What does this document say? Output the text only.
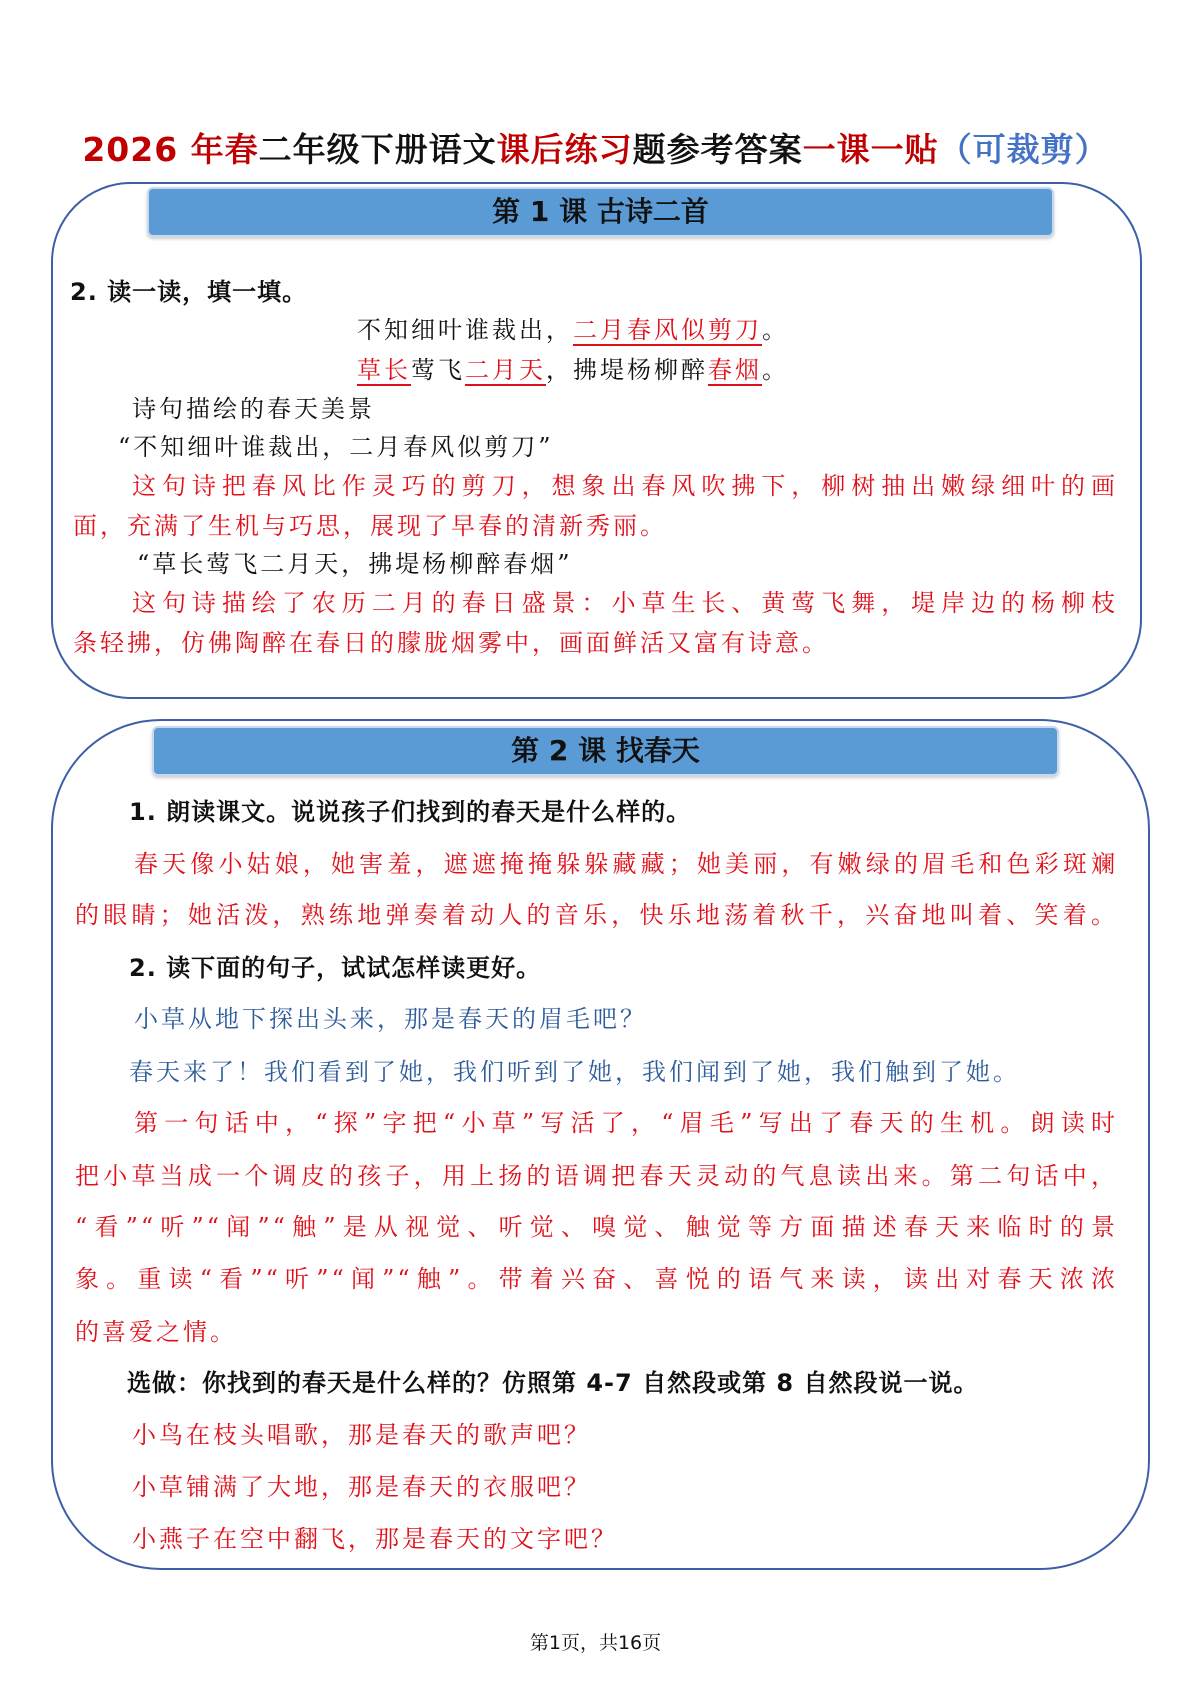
2026 年春二年级下册语文课后练习题参考答案一课一贴（可裁剪）
第 1 课 古诗二首
2. 读一读，填一填。
不知细叶谁裁出，二月春风似剪刀。
草长莺飞二月天，拂堤杨柳醉春烟。
诗句描绘的春天美景
“不知细叶谁裁出，二月春风似剪刀”
这句诗把春风比作灵巧的剪刀，想象出春风吹拂下，柳树抽出嫩绿细叶的画
面，充满了生机与巧思，展现了早春的清新秀丽。
“草长莺飞二月天，拂堤杨柳醉春烟”
这句诗描绘了农历二月的春日盛景：小草生长、黄莺飞舞，堤岸边的杨柳枝
条轻拂，仿佛陶醉在春日的朦胧烟雾中，画面鲜活又富有诗意。
第 2 课 找春天
1. 朗读课文。说说孩子们找到的春天是什么样的。
春天像小姑娘，她害羞，遮遮掩掩躲躲藏藏；她美丽，有嫩绿的眉毛和色彩斑斓
的眼睛；她活泼，熟练地弹奏着动人的音乐，快乐地荡着秋千，兴奋地叫着、笑着。
2. 读下面的句子，试试怎样读更好。
小草从地下探出头来，那是春天的眉毛吧？
春天来了！我们看到了她，我们听到了她，我们闻到了她，我们触到了她。
第一句话中，“探”字把“小草”写活了，“眉毛”写出了春天的生机。朗读时
把小草当成一个调皮的孩子，用上扬的语调把春天灵动的气息读出来。第二句话中，
“看”“听”“闻”“触”是从视觉、听觉、嗅觉、触觉等方面描述春天来临时的景
象。重读“看”“听”“闻”“触”。带着兴奋、喜悦的语气来读，读出对春天浓浓
的喜爱之情。
选做：你找到的春天是什么样的？仿照第 4-7 自然段或第 8 自然段说一说。
小鸟在枝头唱歌，那是春天的歌声吧？
小草铺满了大地，那是春天的衣服吧？
小燕子在空中翻飞，那是春天的文字吧？
第1页，共16页
